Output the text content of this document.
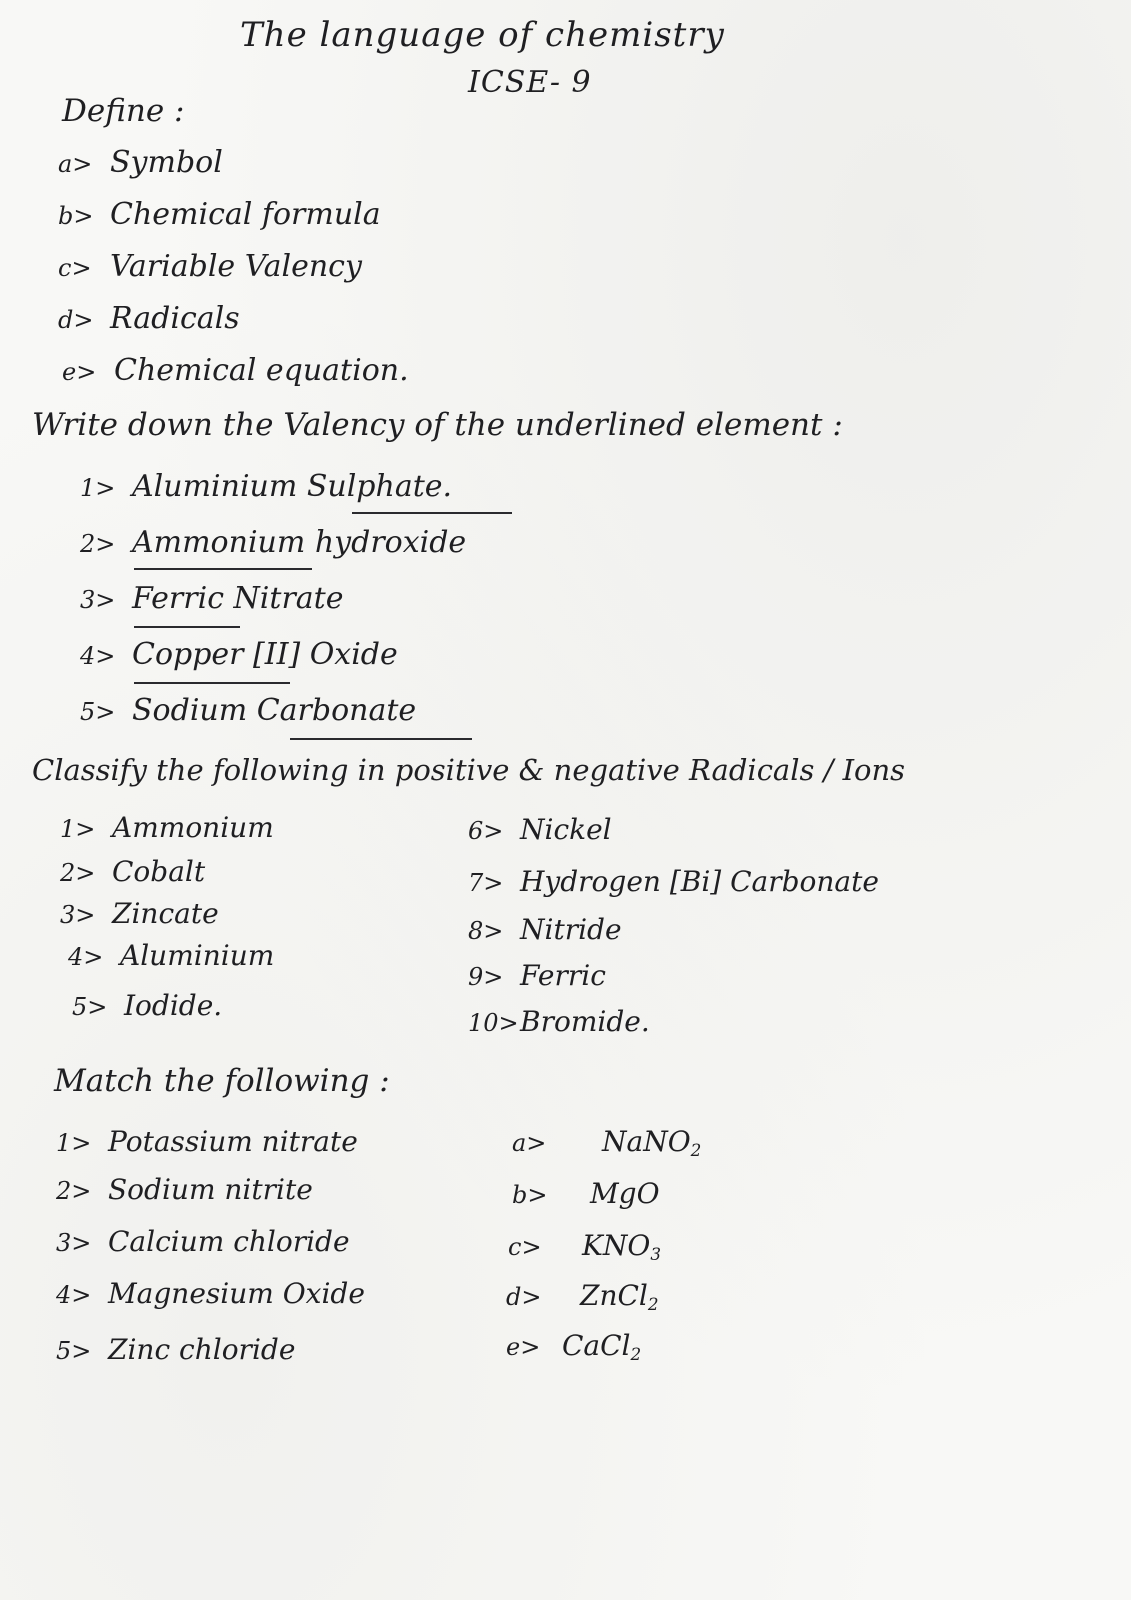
The language of chemistry
ICSE- 9
Define :
a> Symbol
b> Chemical formula
c> Variable Valency
d> Radicals
e> Chemical equation.
Write down the Valency of the underlined element :
1> Aluminium Sulphate.
2> Ammonium hydroxide
3> Ferric Nitrate
4> Copper [II] Oxide
5> Sodium Carbonate
Classify the following in positive & negative Radicals / Ions
1> Ammonium
2> Cobalt
3> Zincate
4> Aluminium
5> Iodide.
6> Nickel
7> Hydrogen [Bi] Carbonate
8> Nitride
9> Ferric
10>Bromide.
Match the following :
1> Potassium nitrate
2> Sodium nitrite
3> Calcium chloride
4> Magnesium Oxide
5> Zinc chloride
a> NaNO$_2$
b> MgO
$c> KNO_3$
d> ZnCl$_2$
e> CaCl$_2$
